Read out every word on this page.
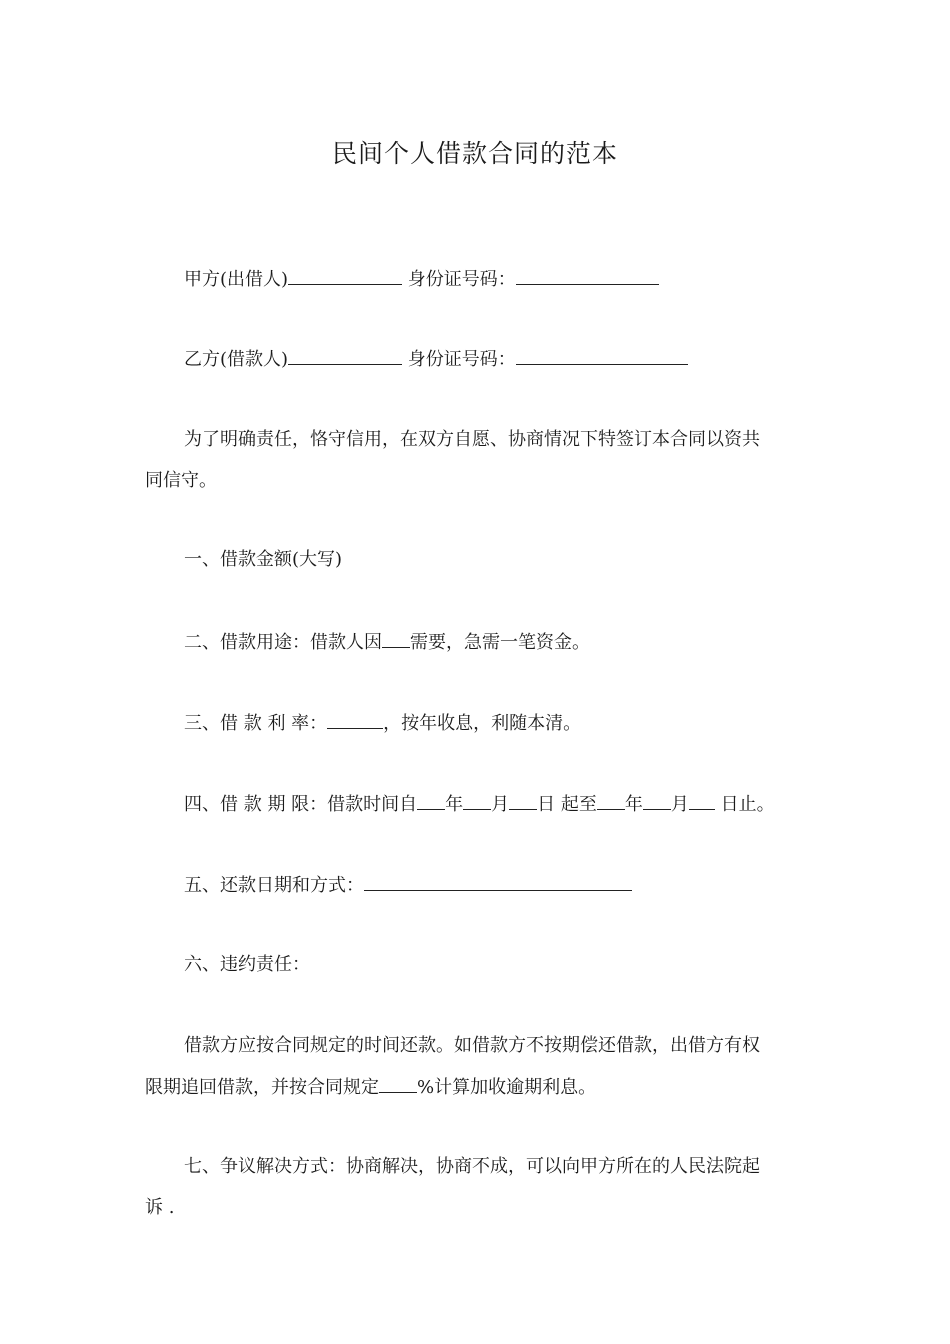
民间个人借款合同的范本
甲方(出借人)	身份证号码：
乙方(借款人)	身份证号码：
为了明确责任，恪守信用，在双方自愿、协商情况下特签订本合同以资共
同信守。
一、借款金额(大写)
二、借款用途：借款人因 需要，急需一笔资金。
三、借 款 利 率：	，按年收息，利随本清。
四、借 款 期 限：借款时间自 年 月 日 起至 年 月 日止。
五、还款日期和方式：
六、违约责任：
借款方应按合同规定的时间还款。如借款方不按期偿还借款，出借方有权
限期追回借款，并按合同规定 %计算加收逾期利息。
七、争议解决方式：协商解决，协商不成，可以向甲方所在的人民法院起
诉 .
